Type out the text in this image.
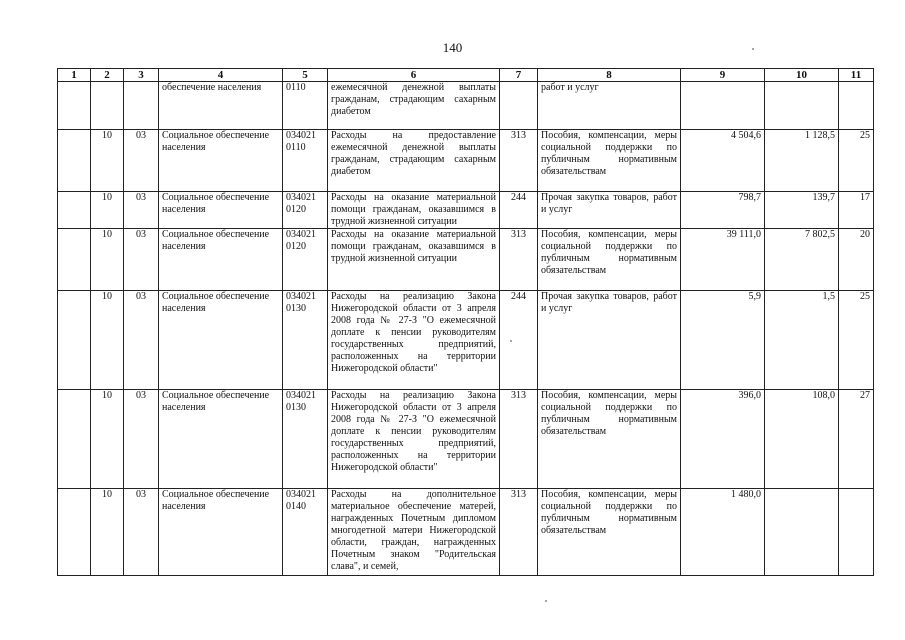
140
1	2	3	4	5	6	7	8	9	10	11
			обеспечение населения	0110	ежемесячной денежной выплаты гражданам, страдающим сахарным диабетом		работ и услуг			
	10	03	Социальное обеспечение населения	034021 0110	Расходы на предоставление ежемесячной денежной выплаты гражданам, страдающим сахарным диабетом	313	Пособия, компенсации, меры социальной поддержки по публичным нормативным обязательствам	4 504,6	1 128,5	25
	10	03	Социальное обеспечение населения	034021 0120	Расходы на оказание материальной помощи гражданам, оказавшимся в трудной жизненной ситуации	244	Прочая закупка товаров, работ и услуг	798,7	139,7	17
	10	03	Социальное обеспечение населения	034021 0120	Расходы на оказание материальной помощи гражданам, оказавшимся в трудной жизненной ситуации	313	Пособия, компенсации, меры социальной поддержки по публичным нормативным обязательствам	39 111,0	7 802,5	20
	10	03	Социальное обеспечение населения	034021 0130	Расходы на реализацию Закона Нижегородской области от 3 апреля 2008 года № 27-З "О ежемесячной доплате к пенсии руководителям государственных предприятий, расположенных на территории Нижегородской области"	244	Прочая закупка товаров, работ и услуг	5,9	1,5	25
	10	03	Социальное обеспечение населения	034021 0130	Расходы на реализацию Закона Нижегородской области от 3 апреля 2008 года № 27-З "О ежемесячной доплате к пенсии руководителям государственных предприятий, расположенных на территории Нижегородской области"	313	Пособия, компенсации, меры социальной поддержки по публичным нормативным обязательствам	396,0	108,0	27
	10	03	Социальное обеспечение населения	034021 0140	Расходы на дополнительное материальное обеспечение матерей, награжденных Почетным дипломом многодетной матери Нижегородской области, граждан, награжденных Почетным знаком "Родительская слава", и семей,	313	Пособия, компенсации, меры социальной поддержки по публичным нормативным обязательствам	1 480,0		
